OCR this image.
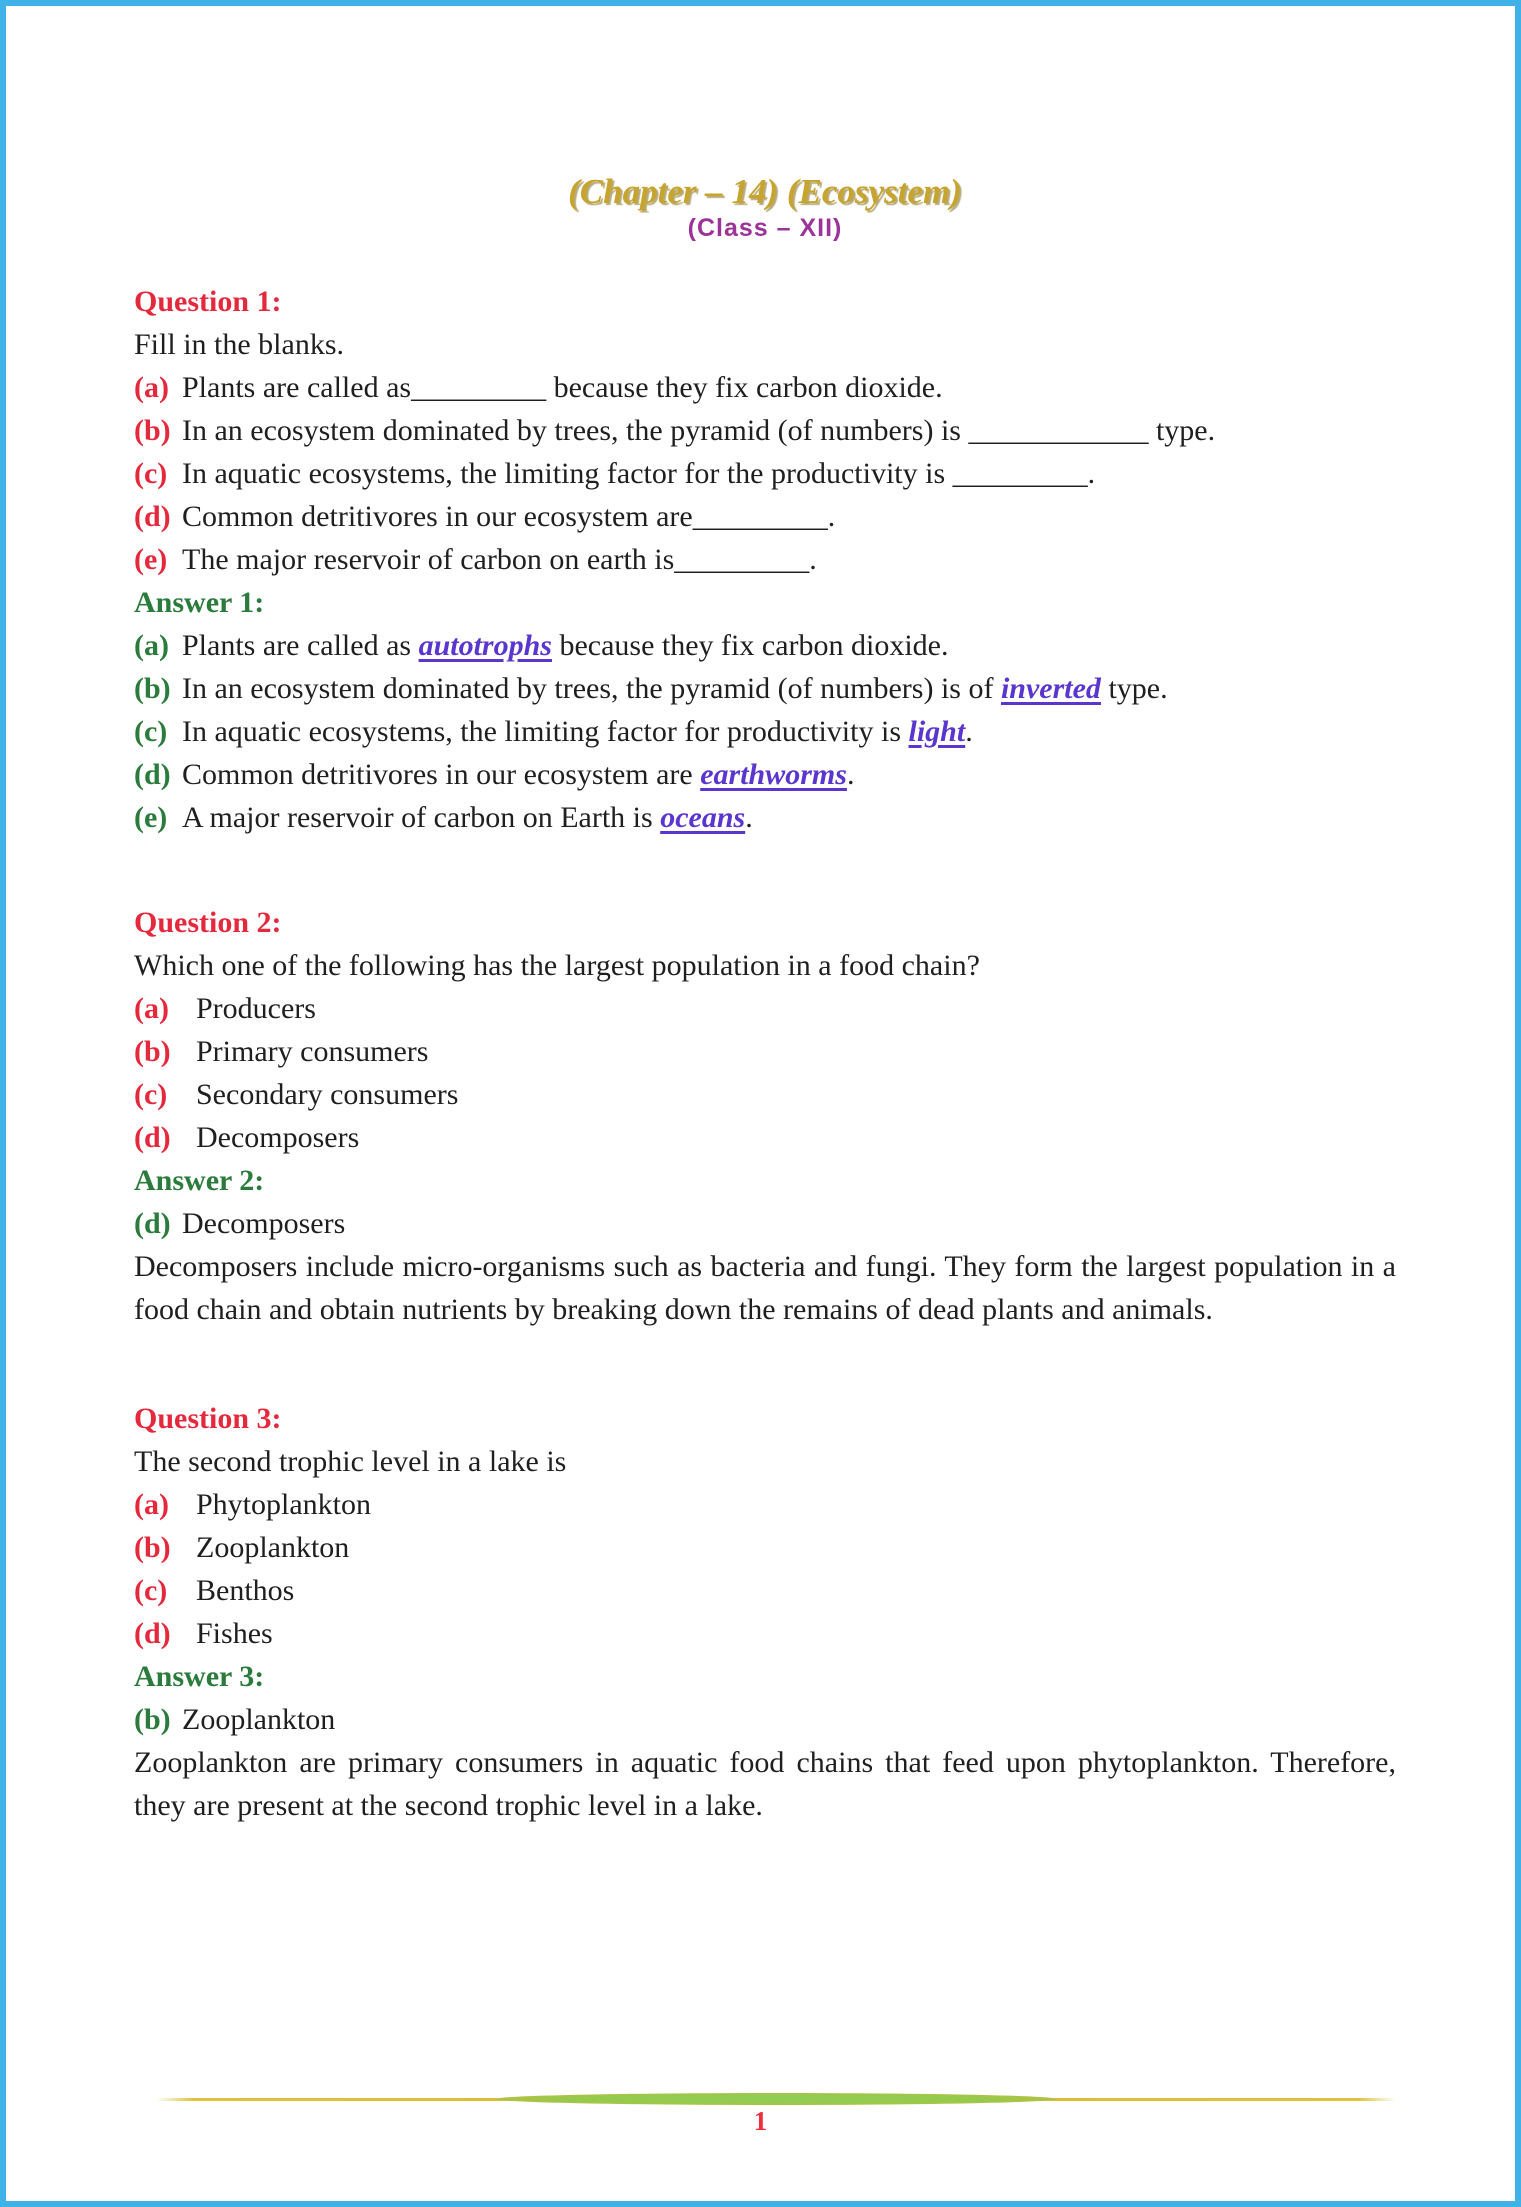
(Chapter – 14) (Ecosystem)
(Class – XII)
Question 1:
Fill in the blanks.
(a) Plants are called as_________ because they fix carbon dioxide.
(b) In an ecosystem dominated by trees, the pyramid (of numbers) is ____________ type.
(c) In aquatic ecosystems, the limiting factor for the productivity is _________.
(d) Common detritivores in our ecosystem are_________.
(e) The major reservoir of carbon on earth is_________.
Answer 1:
(a) Plants are called as autotrophs because they fix carbon dioxide.
(b) In an ecosystem dominated by trees, the pyramid (of numbers) is of inverted type.
(c) In aquatic ecosystems, the limiting factor for productivity is light.
(d) Common detritivores in our ecosystem are earthworms.
(e) A major reservoir of carbon on Earth is oceans.
Question 2:
Which one of the following has the largest population in a food chain?
(a) Producers
(b) Primary consumers
(c) Secondary consumers
(d) Decomposers
Answer 2:
(d) Decomposers

Decomposers include micro-organisms such as bacteria and fungi. They form the largest population in a food chain and obtain nutrients by breaking down the remains of dead plants and animals.

Question 3:
The second trophic level in a lake is
(a) Phytoplankton
(b) Zooplankton
(c) Benthos
(d) Fishes
Answer 3:
(b) Zooplankton

Zooplankton are primary consumers in aquatic food chains that feed upon phytoplankton. Therefore, they are present at the second trophic level in a lake.

1
